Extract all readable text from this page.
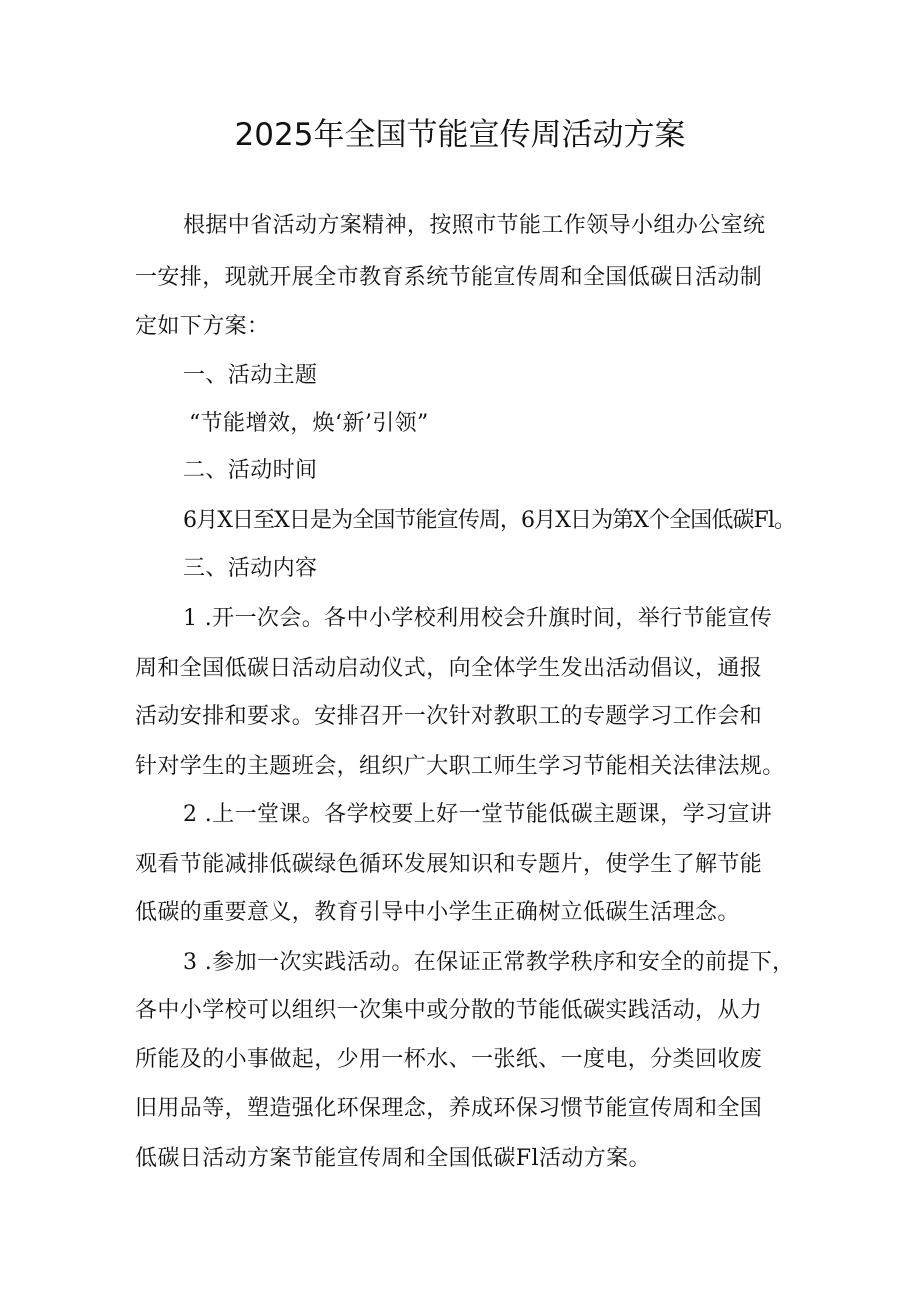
2025年全国节能宣传周活动方案
根据中省活动方案精神，按照市节能工作领导小组办公室统
一安排，现就开展全市教育系统节能宣传周和全国低碳日活动制
定如下方案：
一、活动主题
“节能增效，焕‘新’引领”
二、活动时间
6月X日至X日是为全国节能宣传周，6月X日为第X个全国低碳Fl。
三、活动内容
1 .开一次会。各中小学校利用校会升旗时间，举行节能宣传
周和全国低碳日活动启动仪式，向全体学生发出活动倡议，通报
活动安排和要求。安排召开一次针对教职工的专题学习工作会和
针对学生的主题班会，组织广大职工师生学习节能相关法律法规。
2 .上一堂课。各学校要上好一堂节能低碳主题课，学习宣讲
观看节能减排低碳绿色循环发展知识和专题片，使学生了解节能
低碳的重要意义，教育引导中小学生正确树立低碳生活理念。
3 .参加一次实践活动。在保证正常教学秩序和安全的前提下，
各中小学校可以组织一次集中或分散的节能低碳实践活动，从力
所能及的小事做起，少用一杯水、一张纸、一度电，分类回收废
旧用品等，塑造强化环保理念，养成环保习惯节能宣传周和全国
低碳日活动方案节能宣传周和全国低碳Fl活动方案。
